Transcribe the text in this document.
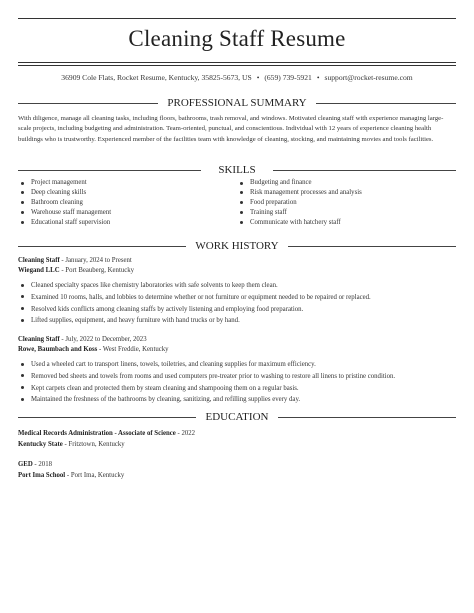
Cleaning Staff Resume
36909 Cole Flats, Rocket Resume, Kentucky, 35825-5673, US • (659) 739-5921 • support@rocket-resume.com
PROFESSIONAL SUMMARY
With diligence, manage all cleaning tasks, including floors, bathrooms, trash removal, and windows. Motivated cleaning staff with experience managing large-scale projects, including budgeting and administration. Team-oriented, punctual, and conscientious. Individual with 12 years of experience cleaning health buildings who is trustworthy. Experienced member of the facilities team with knowledge of cleaning, stocking, and maintaining movies and tools facilities.
SKILLS
Project management
Deep cleaning skills
Bathroom cleaning
Warehouse staff management
Educational staff supervision
Budgeting and finance
Risk management processes and analysis
Food preparation
Training staff
Communicate with hatchery staff
WORK HISTORY
Cleaning Staff - January, 2024 to Present
Wiegand LLC - Port Beauberg, Kentucky
Cleaned specialty spaces like chemistry laboratories with safe solvents to keep them clean.
Examined 10 rooms, halls, and lobbies to determine whether or not furniture or equipment needed to be repaired or replaced.
Resolved kids conflicts among cleaning staffs by actively listening and employing food preparation.
Lifted supplies, equipment, and heavy furniture with hand trucks or by hand.
Cleaning Staff - July, 2022 to December, 2023
Rowe, Baumbach and Koss - West Freddie, Kentucky
Used a wheeled cart to transport linens, towels, toiletries, and cleaning supplies for maximum efficiency.
Removed bed sheets and towels from rooms and used computers pre-treater prior to washing to restore all linens to pristine condition.
Kept carpets clean and protected them by steam cleaning and shampooing them on a regular basis.
Maintained the freshness of the bathrooms by cleaning, sanitizing, and refilling supplies every day.
EDUCATION
Medical Records Administration - Associate of Science - 2022
Kentucky State - Fritztown, Kentucky
GED - 2018
Port Ima School - Port Ima, Kentucky
